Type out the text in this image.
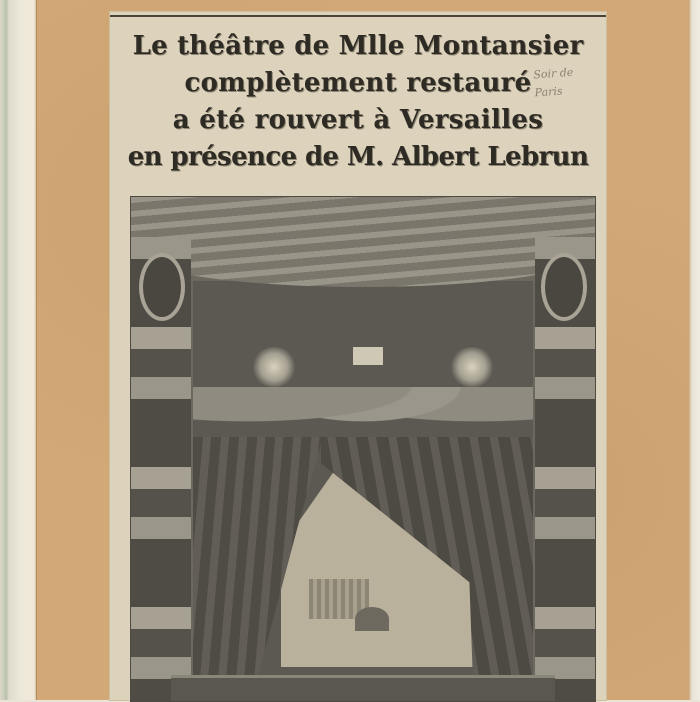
Le théâtre de Mlle Montansier
complètement restauré
a été rouvert à Versailles
en présence de M. Albert Lebrun
Soir de
Paris
